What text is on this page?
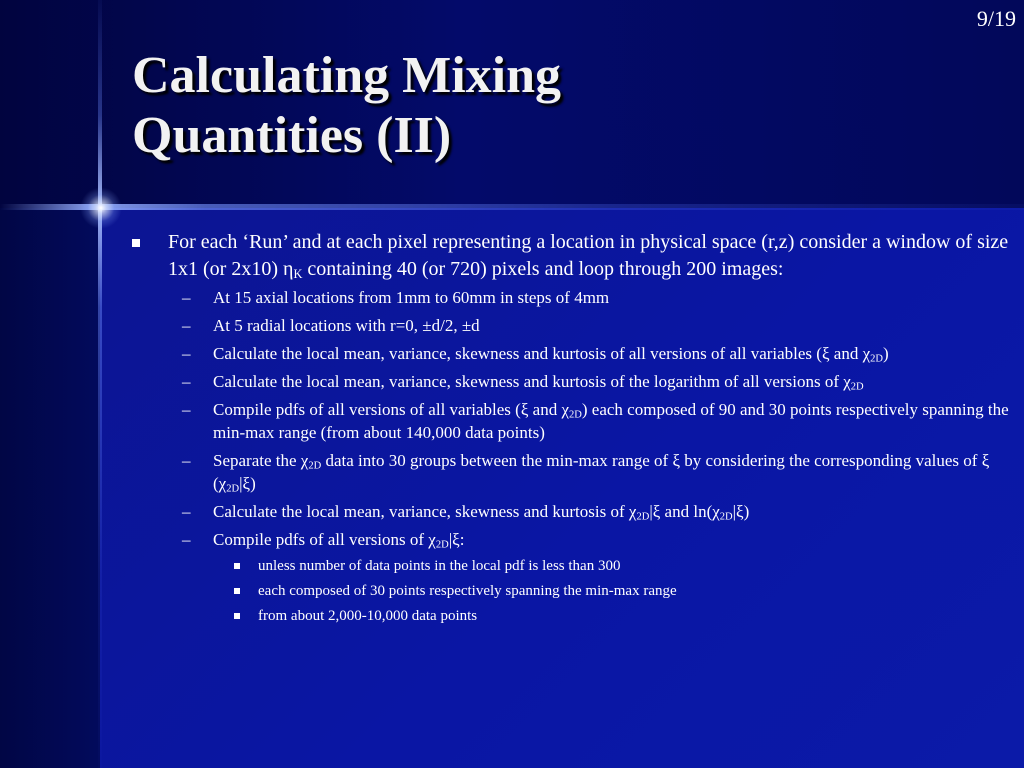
9/19
Calculating Mixing
Quantities (II)
For each ‘Run’ and at each pixel representing a location in physical space (r,z) consider a window of size 1x1 (or 2x10) $\eta_K$ containing 40 (or 720) pixels and loop through 200 images:
– At 15 axial locations from 1mm to 60mm in steps of 4mm
– At 5 radial locations with r=0, ±d/2, ±d
– Calculate the local mean, variance, skewness and kurtosis of all versions of all variables (ξ and $\chi_{2D}$)
– Calculate the local mean, variance, skewness and kurtosis of the logarithm of all versions of $\chi_{2D}$
– Compile pdfs of all versions of all variables (ξ and $\chi_{2D}$) each composed of 90 and 30 points respectively spanning the min-max range (from about 140,000 data points)
– Separate the $\chi_{2D}$ data into 30 groups between the min-max range of ξ by considering the corresponding values of ξ $(\chi_{2D}|\xi)$
– Calculate the local mean, variance, skewness and kurtosis of $\chi_{2D}|\xi$ and $\ln(\chi_{2D}|\xi)$
– Compile pdfs of all versions of $\chi_{2D}|\xi$:
unless number of data points in the local pdf is less than 300
each composed of 30 points respectively spanning the min-max range
from about 2,000-10,000 data points
